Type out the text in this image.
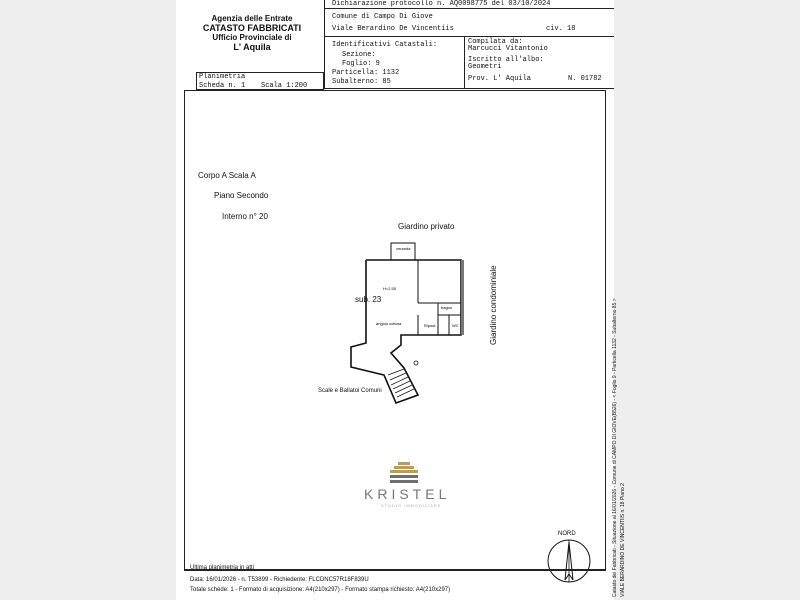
Agenzia delle Entrate
CATASTO FABBRICATI
Ufficio Provinciale di
L' Aquila
Dichiarazione protocollo n. AQ0098775 del 03/10/2024
Comune di Campo Di Giove
Viale Berardino De Vincentiis	civ. 18
Identificativi Catastali:
Sezione:
Foglio: 9
Particella: 1132
Subalterno: 85
Compilata da:
Marcucci Vitantonio
Iscritto all'albo:
Geometri
Prov. L' Aquila	N. 01782
Planimetria
Scheda n. 1 Scala 1:200
Corpo A Scala A
Piano Secondo
Interno n° 20
Giardino privato
Giardino condominiale
sub. 23
Scale e Ballatoi Comuni
veranda
H=2.55
angolo cottura
bagno
Ripost.	WC
KRISTEL
STUDIO IMMOBILIARE
NORD
Ultima planimetria in atti
Data: 16/01/2026 - n. T53899 - Richiedente: FLCDNC57R18F839U
Totale schede: 1 - Formato di acquisizione: A4(210x297) - Formato stampa richiesto: A4(210x297)	Catasto dei Fabbricati - Situazione al 16/01/2026 - Comune di CAMPO DI GIOVE(B526) - < Foglio 9 - Particella 1132 - Subalterno 85 > VIALE BERARDINO DE VINCENTIIS n. 18 Piano 2
